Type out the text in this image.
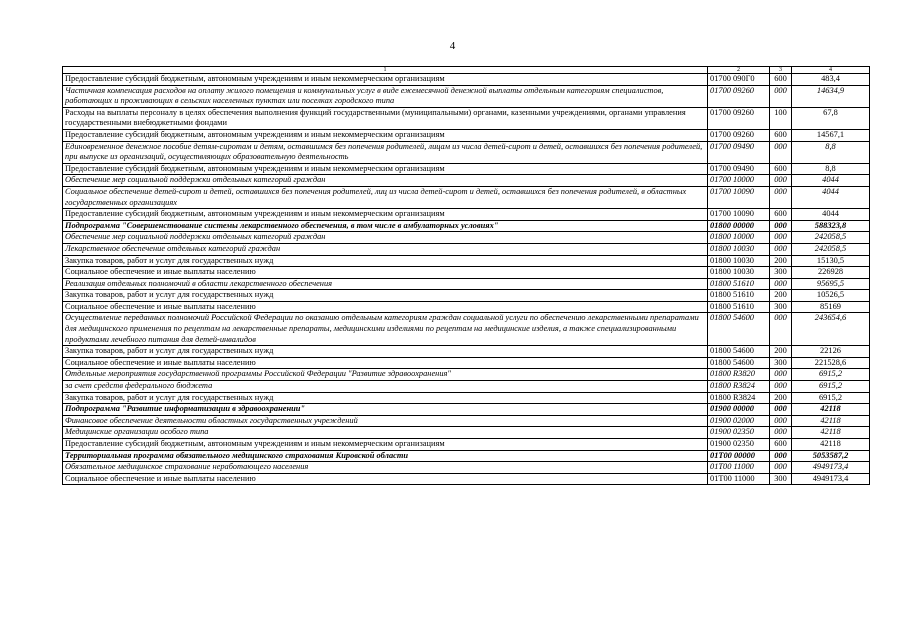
4
1	2	3	4
Предоставление субсидий бюджетным, автономным учреждениям и иным некоммерческим организациям	01700 090Г0	600	483,4
Частичная компенсация расходов на оплату жилого помещения и коммунальных услуг в виде ежемесячной денежной выплаты отдельным категориям специалистов, работающих и проживающих в сельских населенных пунктах или поселках городского типа	01700 09260	000	14634,9
Расходы на выплаты персоналу в целях обеспечения выполнения функций государственными (муниципальными) органами, казенными учреждениями, органами управления государственными внебюджетными фондами	01700 09260	100	67,8
Предоставление субсидий бюджетным, автономным учреждениям и иным некоммерческим организациям	01700 09260	600	14567,1
Единовременное денежное пособие детям-сиротам и детям, оставшимся без попечения родителей, лицам из числа детей-сирот и детей, оставшихся без попечения родителей, при выпуске из организаций, осуществляющих образовательную деятельность	01700 09490	000	8,8
Предоставление субсидий бюджетным, автономным учреждениям и иным некоммерческим организациям	01700 09490	600	8,8
Обеспечение мер социальной поддержки отдельных категорий граждан	01700 10000	000	4044
Социальное обеспечение детей-сирот и детей, оставшихся без попечения родителей, лиц из числа детей-сирот и детей, оставшихся без попечения родителей, в областных государственных организациях	01700 10090	000	4044
Предоставление субсидий бюджетным, автономным учреждениям и иным некоммерческим организациям	01700 10090	600	4044
Подпрограмма "Совершенствование системы лекарственного обеспечения, в том числе в амбулаторных условиях"	01800 00000	000	588323,8
Обеспечение мер социальной поддержки отдельных категорий граждан	01800 10000	000	242058,5
Лекарственное обеспечение отдельных категорий граждан	01800 10030	000	242058,5
Закупка товаров, работ и услуг для государственных нужд	01800 10030	200	15130,5
Социальное обеспечение и иные выплаты населению	01800 10030	300	226928
Реализация отдельных полномочий в области лекарственного обеспечения	01800 51610	000	95695,5
Закупка товаров, работ и услуг для государственных нужд	01800 51610	200	10526,5
Социальное обеспечение и иные выплаты населению	01800 51610	300	85169
Осуществление переданных полномочий Российской Федерации по оказанию отдельным категориям граждан социальной услуги по обеспечению лекарственными препаратами для медицинского применения по рецептам на лекарственные препараты, медицинскими изделиями по рецептам на медицинские изделия, а также специализированными продуктами лечебного питания для детей-инвалидов	01800 54600	000	243654,6
Закупка товаров, работ и услуг для государственных нужд	01800 54600	200	22126
Социальное обеспечение и иные выплаты населению	01800 54600	300	221528,6
Отдельные мероприятия государственной программы Российской Федерации "Развитие здравоохранения"	01800 R3820	000	6915,2
за счет средств федерального бюджета	01800 R3824	000	6915,2
Закупка товаров, работ и услуг для государственных нужд	01800 R3824	200	6915,2
Подпрограмма "Развитие информатизации в здравоохранении"	01900 00000	000	42118
Финансовое обеспечение деятельности областных государственных учреждений	01900 02000	000	42118
Медицинские организации особого типа	01900 02350	000	42118
Предоставление субсидий бюджетным, автономным учреждениям и иным некоммерческим организациям	01900 02350	600	42118
Территориальная программа обязательного медицинского страхования Кировской области	01Т00 00000	000	5053587,2
Обязательное медицинское страхование неработающего населения	01Т00 11000	000	4949173,4
Социальное обеспечение и иные выплаты населению	01Т00 11000	300	4949173,4
